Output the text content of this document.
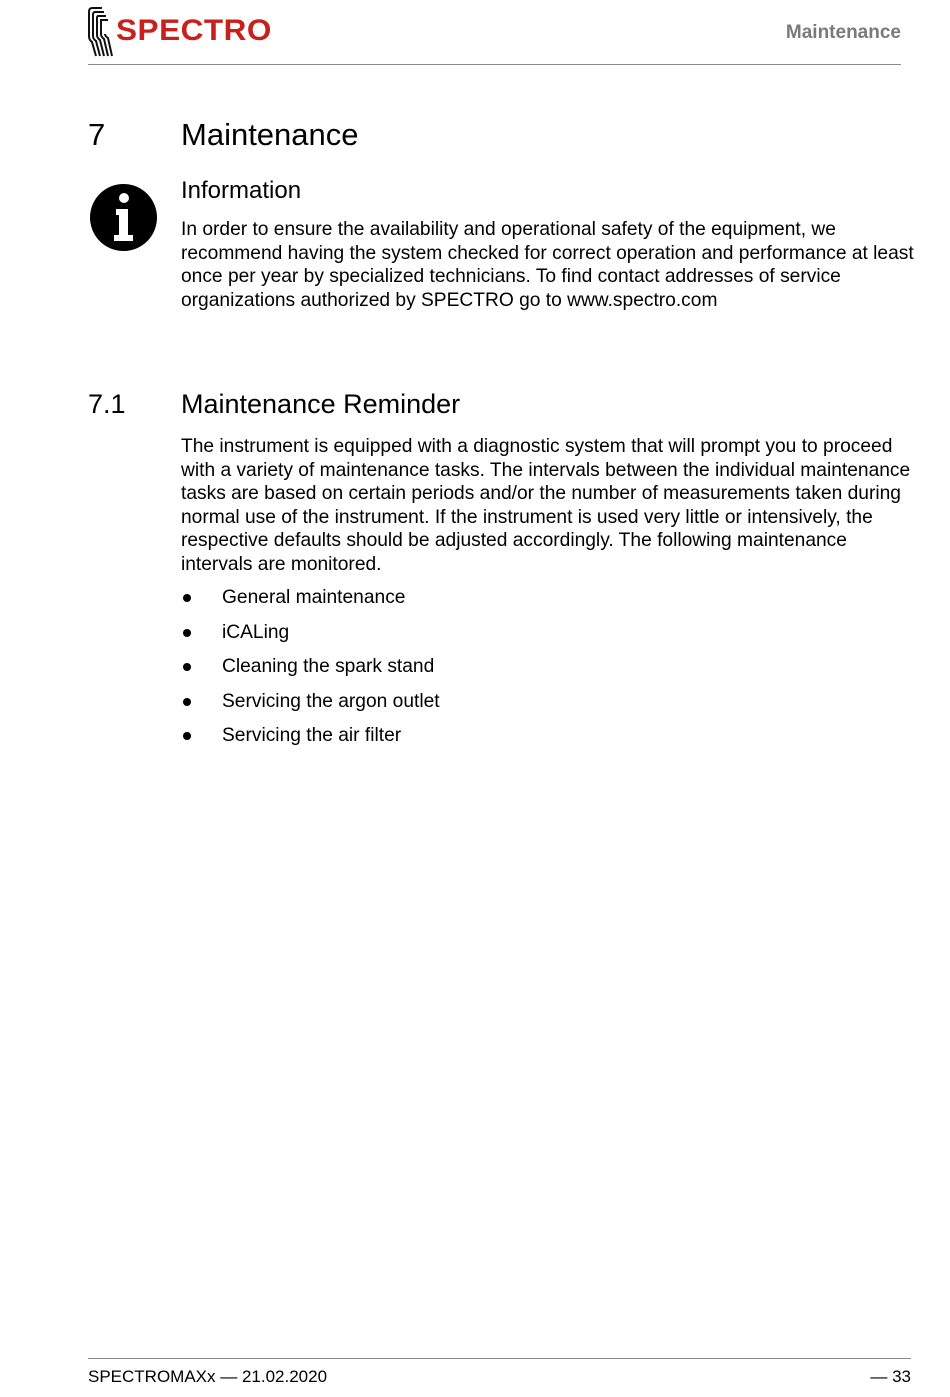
SPECTRO	Maintenance
7 Maintenance
Information
In order to ensure the availability and operational safety of the equipment, we recommend having the system checked for correct operation and performance at least once per year by specialized technicians. To find contact addresses of service organizations authorized by SPECTRO go to www.spectro.com
7.1 Maintenance Reminder
The instrument is equipped with a diagnostic system that will prompt you to proceed with a variety of maintenance tasks. The intervals between the individual maintenance tasks are based on certain periods and/or the number of measurements taken during normal use of the instrument. If the instrument is used very little or intensively, the respective defaults should be adjusted accordingly. The following maintenance intervals are monitored.
General maintenance
iCALing
Cleaning the spark stand
Servicing the argon outlet
Servicing the air filter
SPECTROMAXx — 21.02.2020	— 33
